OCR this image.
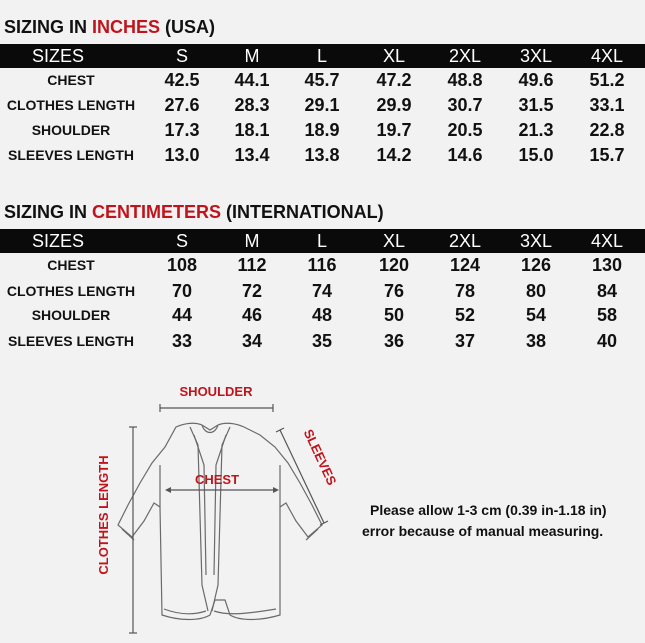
SIZING IN INCHES (USA)
SIZES	S	M	L	XL	2XL	3XL	4XL
CHEST	42.5	44.1	45.7	47.2	48.8	49.6	51.2
CLOTHES LENGTH	27.6	28.3	29.1	29.9	30.7	31.5	33.1
SHOULDER	17.3	18.1	18.9	19.7	20.5	21.3	22.8
SLEEVES LENGTH	13.0	13.4	13.8	14.2	14.6	15.0	15.7
SIZING IN CENTIMETERS (INTERNATIONAL)
SIZES	S	M	L	XL	2XL	3XL	4XL
CHEST	108	112	116	120	124	126	130
CLOTHES LENGTH	70	72	74	76	78	80	84
SHOULDER	44	46	48	50	52	54	58
SLEEVES LENGTH	33	34	35	36	37	38	40
SHOULDER
CHEST	SLEEVES
CLOTHES LENGTH	Please allow 1-3 cm (0.39 in-1.18 in)
error because of manual measuring.
